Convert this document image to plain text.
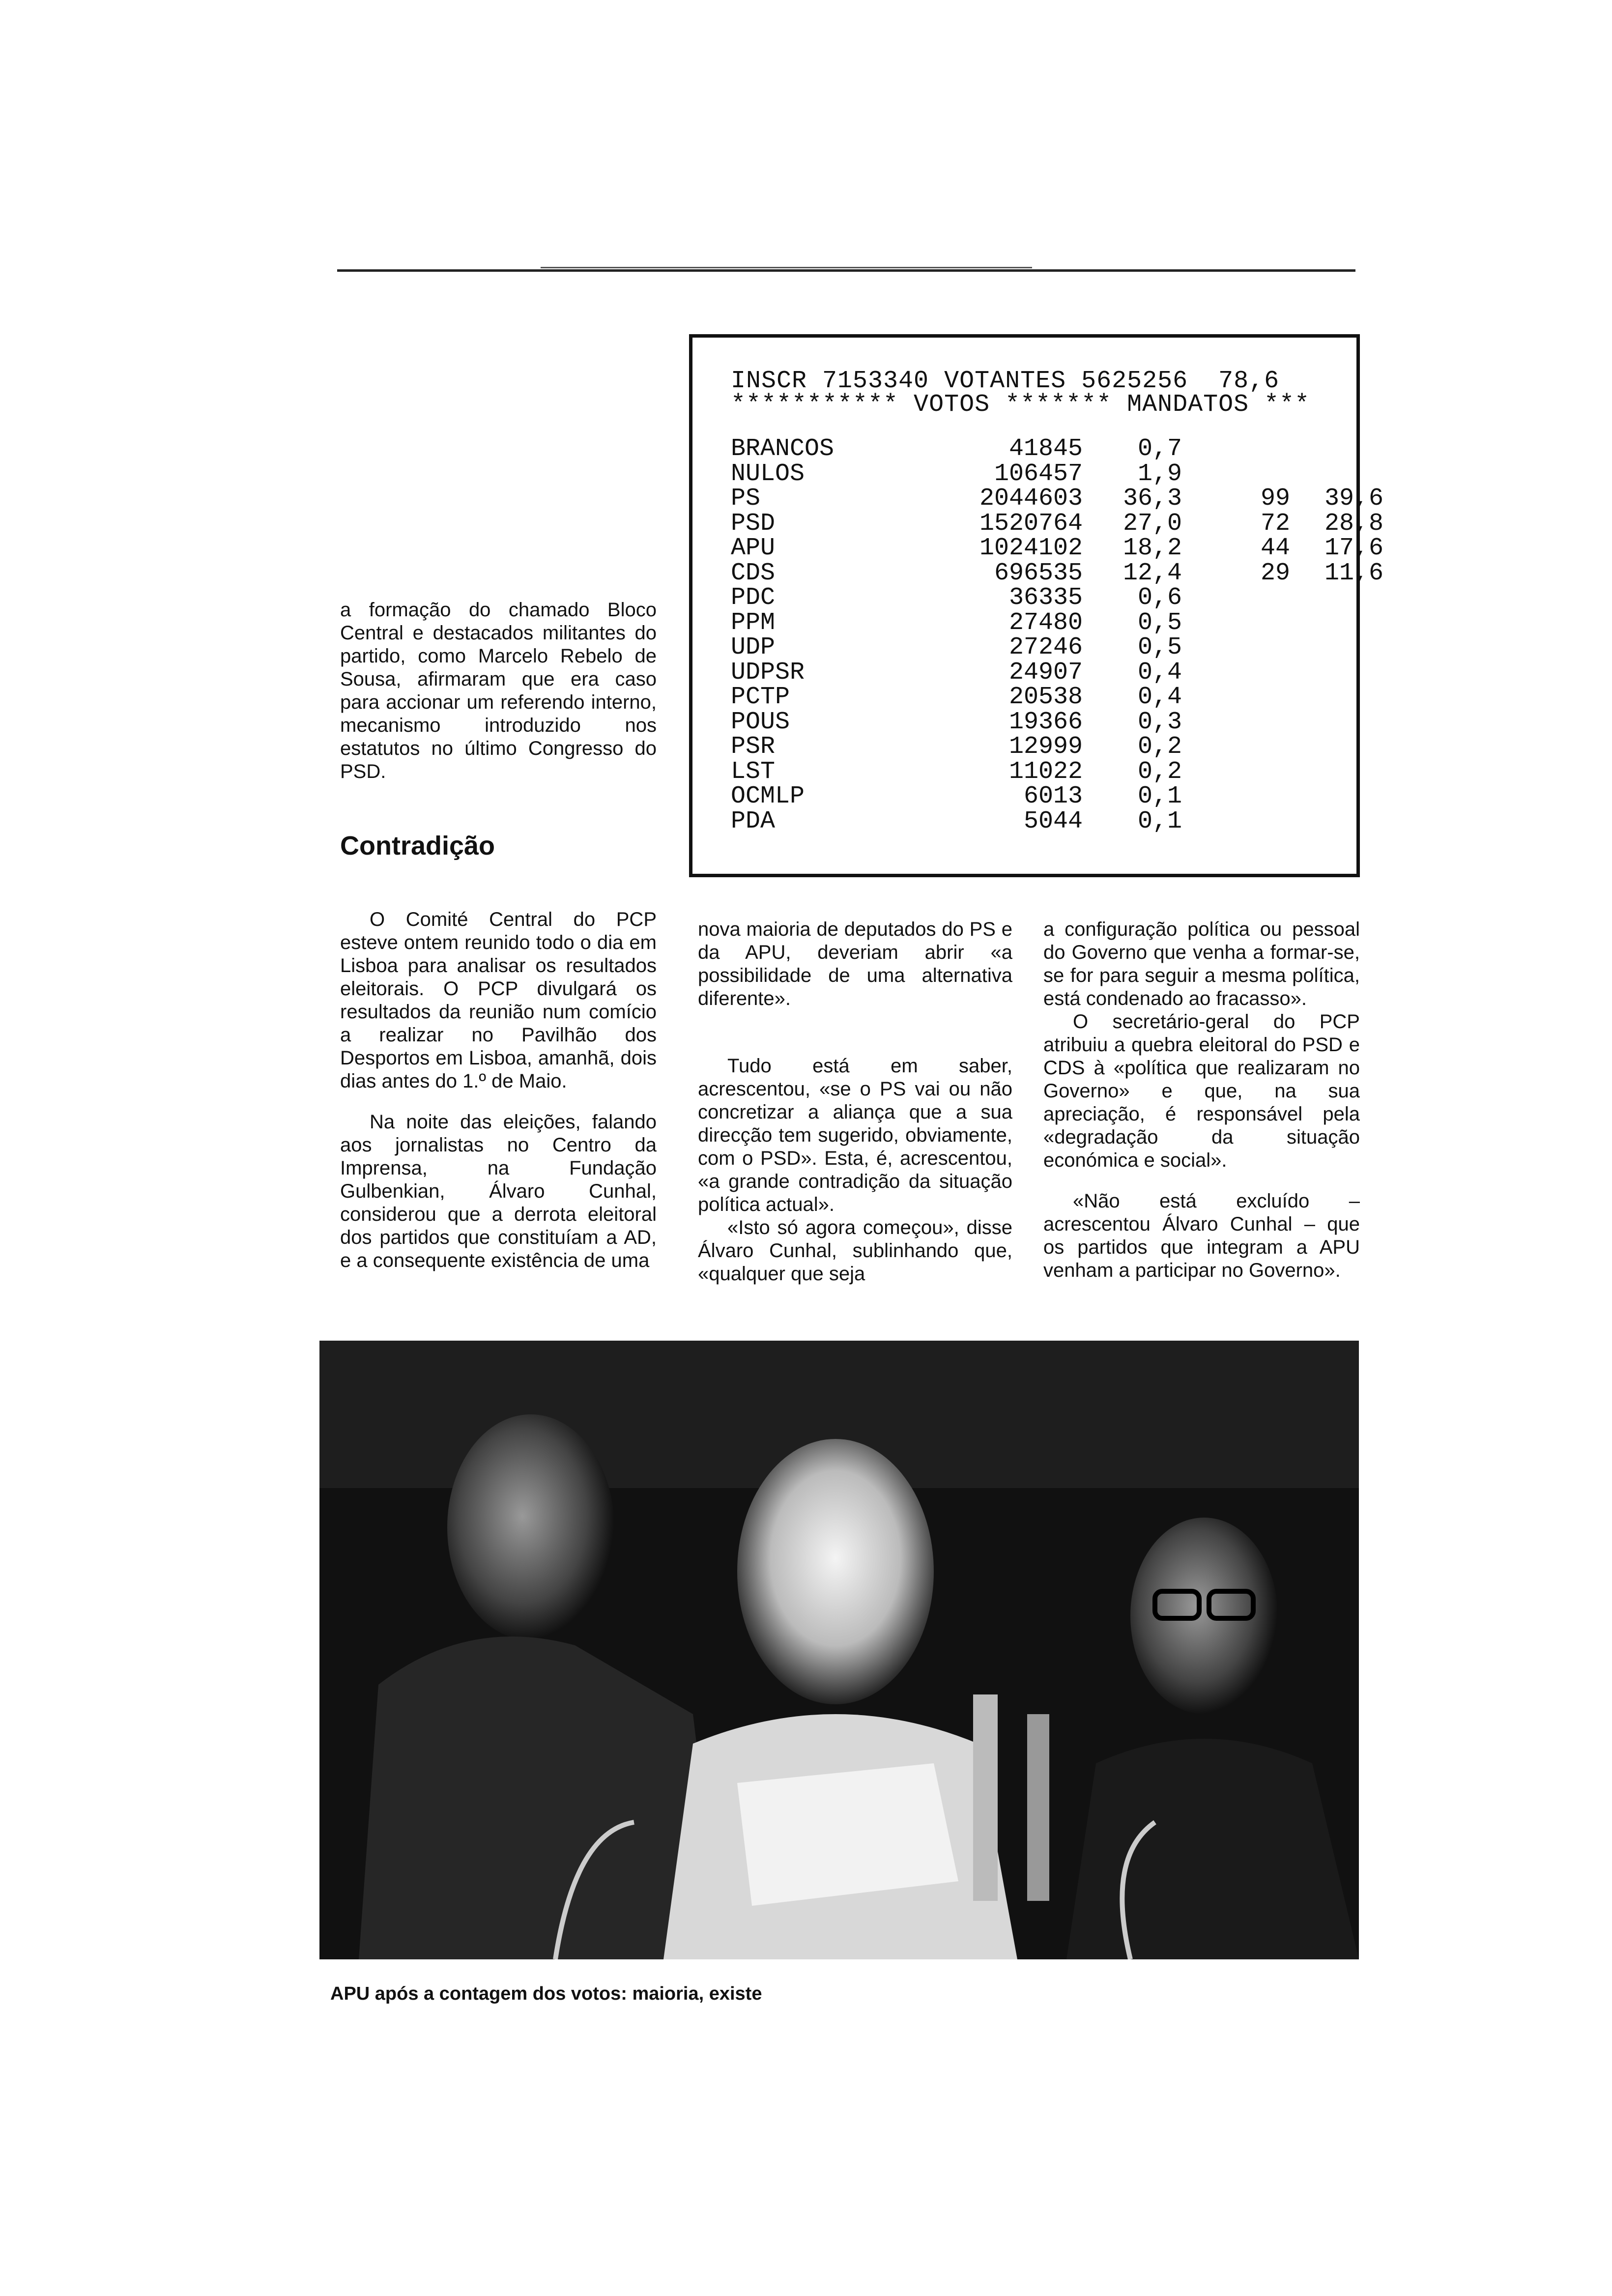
INSCR 7153340 VOTANTES 5625256  78,6
*********** VOTOS ******* MANDATOS ***
BRANCOS	41845 0,7
NULOS	106457 1,9
PS	2044603 36,3	99 39,6
PSD	1520764 27,0	72 28,8
APU	1024102 18,2	44 17,6
CDS	696535 12,4	29 11,6
PDC	36335 0,6
PPM	27480 0,5
UDP	27246 0,5
UDPSR	24907 0,4
PCTP	20538 0,4
POUS	19366 0,3
PSR	12999 0,2
LST	11022 0,2
OCMLP	6013 0,1
PDA	5044 0,1

a formação do chamado Bloco Central e destacados militantes do partido, como Marcelo Rebelo de Sousa, afirmaram que era caso para accionar um referendo interno, mecanismo introduzido nos estatutos no último Congresso do PSD.

Contradição

O Comité Central do PCP esteve ontem reunido todo o dia em Lisboa para analisar os resultados eleitorais. O PCP divulgará os resultados da reunião num comício a realizar no Pavilhão dos Desportos em Lisboa, amanhã, dois dias antes do 1.º de Maio.

Na noite das eleições, falando aos jornalistas no Centro da Imprensa, na Fundação Gulbenkian, Álvaro Cunhal, considerou que a derrota eleitoral dos partidos que constituíam a AD, e a consequente existência de uma

nova maioria de deputados do PS e da APU, deveriam abrir «a possibilidade de uma alternativa diferente».

Tudo está em saber, acrescentou, «se o PS vai ou não concretizar a aliança que a sua direcção tem sugerido, obviamente, com o PSD». Esta, é, acrescentou, «a grande contradição da situação política actual».

«Isto só agora começou», disse Álvaro Cunhal, sublinhando que, «qualquer que seja

a configuração política ou pessoal do Governo que venha a formar-se, se for para seguir a mesma política, está condenado ao fracasso».

O secretário-geral do PCP atribuiu a quebra eleitoral do PSD e CDS à «política que realizaram no Governo» e que, na sua apreciação, é responsável pela «degradação da situação económica e social».

«Não está excluído – acrescentou Álvaro Cunhal – que os partidos que integram a APU venham a participar no Governo».

APU após a contagem dos votos: maioria, existe
